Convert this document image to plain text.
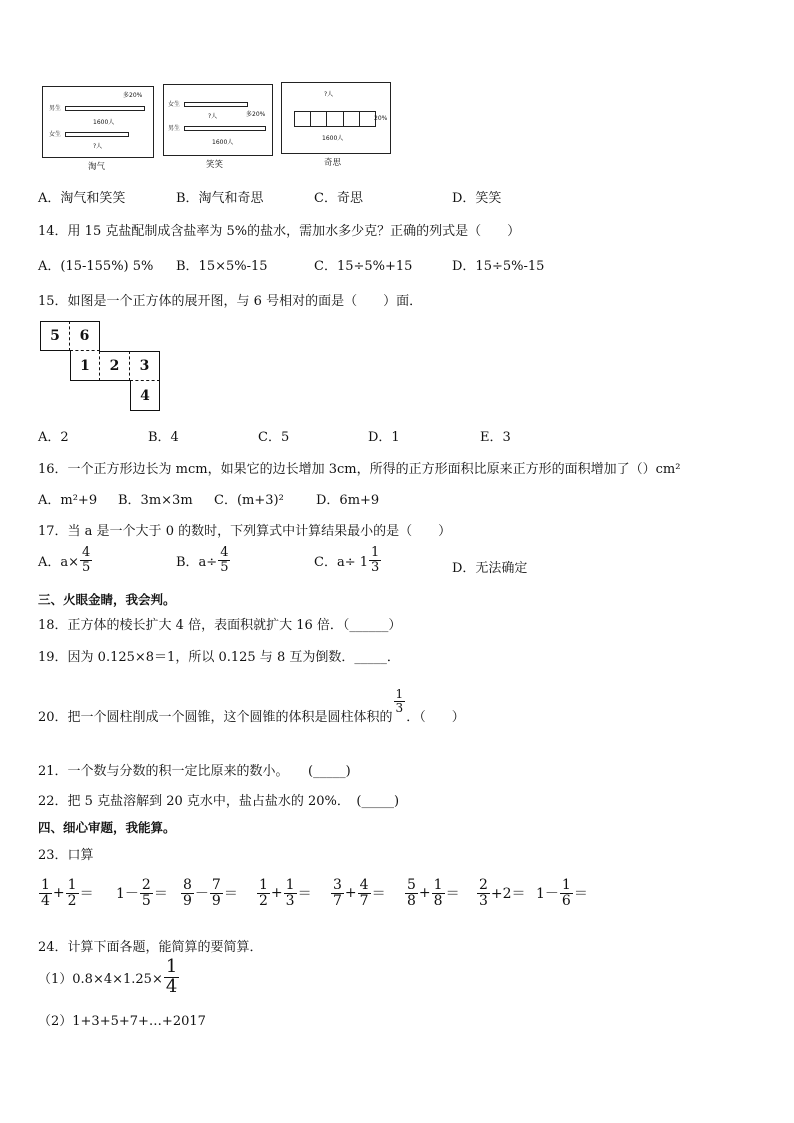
多20%
男生
1600人
女生
?人
淘气
女生
多20%
?人
男生
1600人
笑笑
?人
20%
1600人
奇思
A．淘气和笑笑	B．淘气和奇思	C．奇思	D．笑笑
14．用 15 克盐配制成含盐率为 5%的盐水，需加水多少克？正确的列式是（　　）
A．(15-155%) 5% B．15×5%-15	C．15÷5%+15	D．15÷5%-15
15．如图是一个正方体的展开图，与 6 号相对的面是（　　）面．
5	6
1	2	3
4
A．2	B．4	C．5	D．1	E．3
16．一个正方形边长为 mcm，如果它的边长增加 3cm，所得的正方形面积比原来正方形的面积增加了（）cm²
A．m²+9 B．3m×3m C．(m+3)² D．6m+9
17．当 a 是一个大于 0 的数时，下列算式中计算结果最小的是（　　）
A．$a\times \frac{4}{5}$	B．$a\div \frac{4}{5}$	C．$a\div 1 \frac{1}{3}$	D．无法确定
三、火眼金睛，我会判。
18．正方体的棱长扩大 4 倍，表面积就扩大 16 倍．（______）
19．因为 0.125×8＝1，所以 0.125 与 8 互为倒数．_____．
20．把一个圆柱削成一个圆锥，这个圆锥的体积是圆柱体积的
$\frac{1}{3}$
．（　　）
21．一个数与分数的积一定比原来的数小。　　(_____)
22．把 5 克盐溶解到 20 克水中，盐占盐水的 20%．　(_____)
四、细心审题，我能算。
23．口算
$\frac{1}{4} + \frac{1}{2} = 1- \frac{2}{5} = \frac{8}{9} - \frac{7}{9} = \frac{1}{2} + \frac{1}{3} = \frac{3}{7} + \frac{4}{7} = \frac{5}{8} + \frac{1}{8} = \frac{2}{3} +2= 1- \frac{1}{6}$ ＝
24．计算下面各题，能简算的要简算．
$(1)0.8\times 4\times 1.25\times \frac{1}{4}$
（2）1+3+5+7+…+2017
